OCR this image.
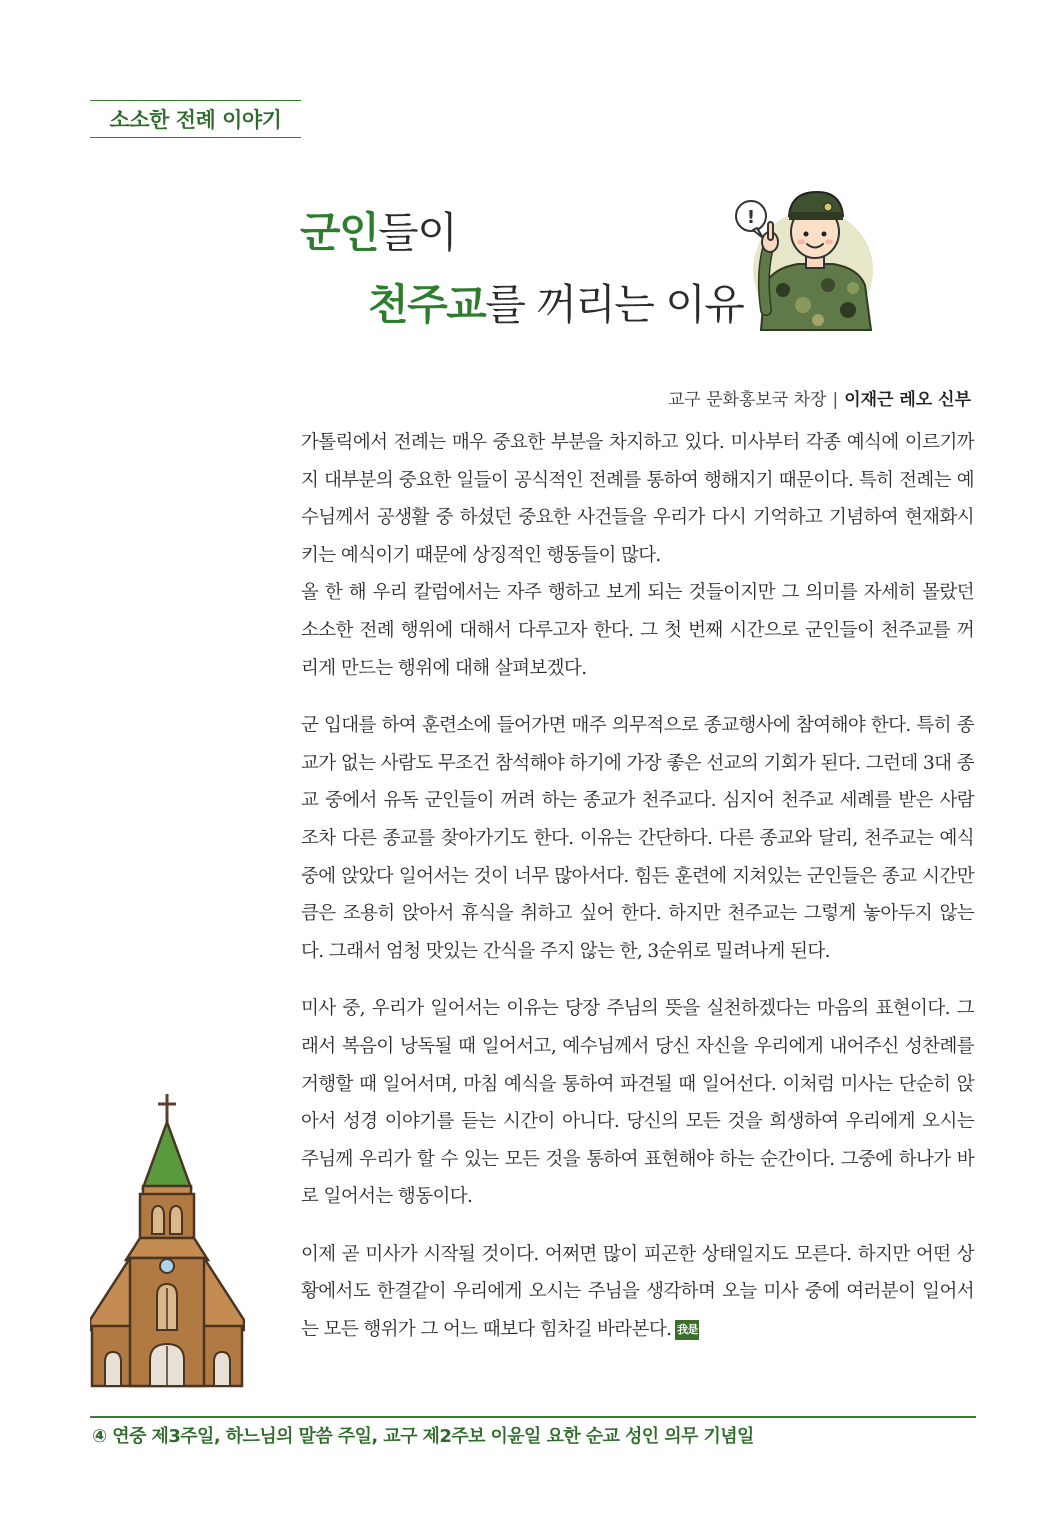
소소한 전례 이야기
군인들이
천주교를 꺼리는 이유
!
교구 문화홍보국 차장 | 이재근 레오 신부

가톨릭에서 전례는 매우 중요한 부분을 차지하고 있다. 미사부터 각종 예식에 이르기까지 대부분의 중요한 일들이 공식적인 전례를 통하여 행해지기 때문이다. 특히 전례는 예수님께서 공생활 중 하셨던 중요한 사건들을 우리가 다시 기억하고 기념하여 현재화시키는 예식이기 때문에 상징적인 행동들이 많다.
올 한 해 우리 칼럼에서는 자주 행하고 보게 되는 것들이지만 그 의미를 자세히 몰랐던 소소한 전례 행위에 대해서 다루고자 한다. 그 첫 번째 시간으로 군인들이 천주교를 꺼리게 만드는 행위에 대해 살펴보겠다.

군 입대를 하여 훈련소에 들어가면 매주 의무적으로 종교행사에 참여해야 한다. 특히 종교가 없는 사람도 무조건 참석해야 하기에 가장 좋은 선교의 기회가 된다. 그런데 3대 종교 중에서 유독 군인들이 꺼려 하는 종교가 천주교다. 심지어 천주교 세례를 받은 사람조차 다른 종교를 찾아가기도 한다. 이유는 간단하다. 다른 종교와 달리, 천주교는 예식 중에 앉았다 일어서는 것이 너무 많아서다. 힘든 훈련에 지쳐있는 군인들은 종교 시간만큼은 조용히 앉아서 휴식을 취하고 싶어 한다. 하지만 천주교는 그렇게 놓아두지 않는다. 그래서 엄청 맛있는 간식을 주지 않는 한, 3순위로 밀려나게 된다.

미사 중, 우리가 일어서는 이유는 당장 주님의 뜻을 실천하겠다는 마음의 표현이다. 그래서 복음이 낭독될 때 일어서고, 예수님께서 당신 자신을 우리에게 내어주신 성찬례를 거행할 때 일어서며, 마침 예식을 통하여 파견될 때 일어선다. 이처럼 미사는 단순히 앉아서 성경 이야기를 듣는 시간이 아니다. 당신의 모든 것을 희생하여 우리에게 오시는 주님께 우리가 할 수 있는 모든 것을 통하여 표현해야 하는 순간이다. 그중에 하나가 바로 일어서는 행동이다.

이제 곧 미사가 시작될 것이다. 어쩌면 많이 피곤한 상태일지도 모른다. 하지만 어떤 상황에서도 한결같이 우리에게 오시는 주님을 생각하며 오늘 미사 중에 여러분이 일어서는 모든 행위가 그 어느 때보다 힘차길 바라본다. 我是

④ 연중 제3주일, 하느님의 말씀 주일, 교구 제2주보 이윤일 요한 순교 성인 의무 기념일
